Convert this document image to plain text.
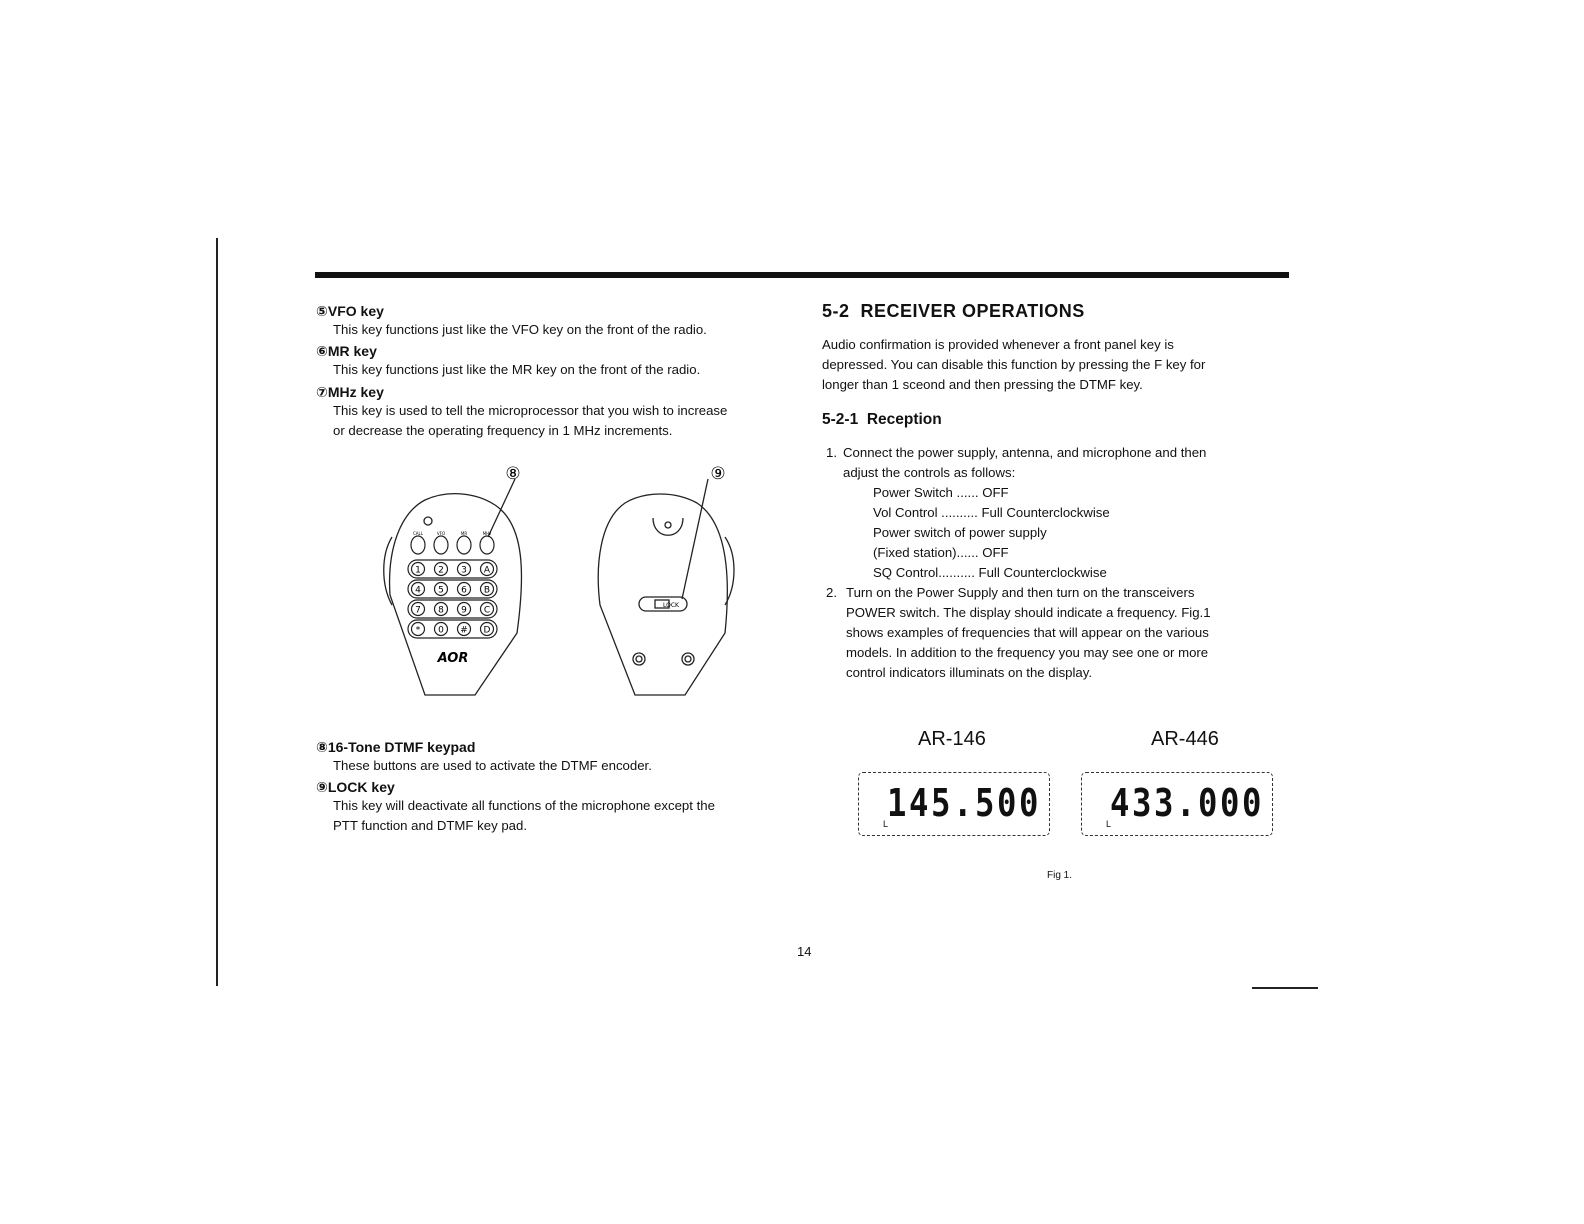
⑤VFO key
This key functions just like the VFO key on the front of the radio.
⑥MR key
This key functions just like the MR key on the front of the radio.
⑦MHz key
This key is used to tell the microprocessor that you wish to increase
or decrease the operating frequency in 1 MHz increments.
⑧	⑨
LOCK
AOR
CALL	VFO	MR	MHz
1 2 3 A
4 5 6 B
7 8 9 C
* 0 # D
⑧16-Tone DTMF keypad
These buttons are used to activate the DTMF encoder.
⑨LOCK key
This key will deactivate all functions of the microphone except the
PTT function and DTMF key pad.
5-2 RECEIVER OPERATIONS
Audio confirmation is provided whenever a front panel key is
depressed. You can disable this function by pressing the F key for
longer than 1 sceond and then pressing the DTMF key.
5-2-1 Reception
1. Connect the power supply, antenna, and microphone and then
adjust the controls as follows:
Power Switch ...... OFF
Vol Control .......... Full Counterclockwise
Power switch of power supply
(Fixed station)...... OFF
SQ Control.......... Full Counterclockwise
2. Turn on the Power Supply and then turn on the transceivers
POWER switch. The display should indicate a frequency. Fig.1
shows examples of frequencies that will appear on the various
models. In addition to the frequency you may see one or more
control indicators illuminats on the display.
AR-146	AR-446
L
145.500	L
433.000
Fig 1.
14
